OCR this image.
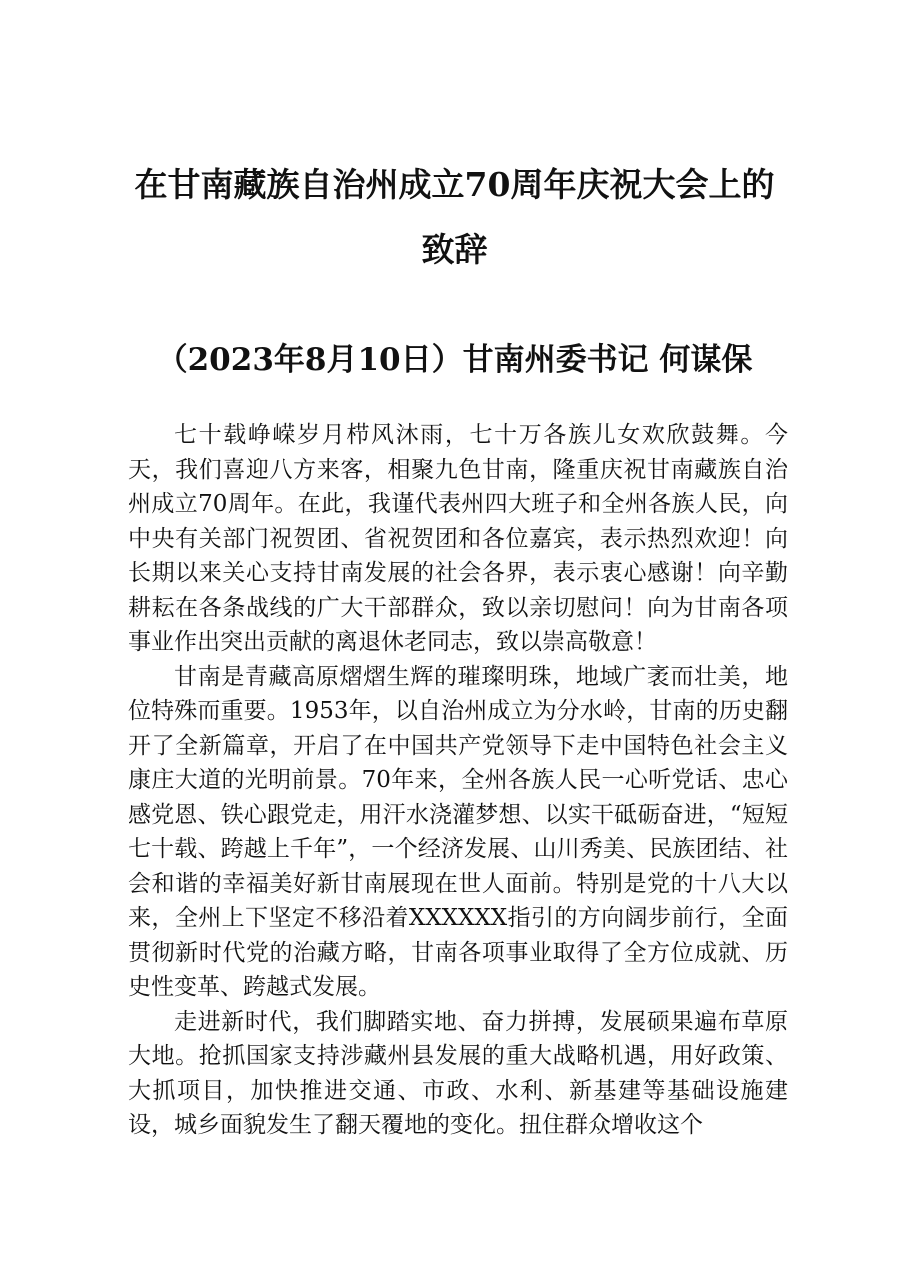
在甘南藏族自治州成立70周年庆祝大会上的
致辞
（2023年8月10日）甘南州委书记 何谋保

七十载峥嵘岁月栉风沐雨，七十万各族儿女欢欣鼓舞。今天，我们喜迎八方来客，相聚九色甘南，隆重庆祝甘南藏族自治州成立70周年。在此，我谨代表州四大班子和全州各族人民，向中央有关部门祝贺团、省祝贺团和各位嘉宾，表示热烈欢迎！向长期以来关心支持甘南发展的社会各界，表示衷心感谢！向辛勤耕耘在各条战线的广大干部群众，致以亲切慰问！向为甘南各项事业作出突出贡献的离退休老同志，致以崇高敬意！

甘南是青藏高原熠熠生辉的璀璨明珠，地域广袤而壮美，地位特殊而重要。1953年，以自治州成立为分水岭，甘南的历史翻开了全新篇章，开启了在中国共产党领导下走中国特色社会主义康庄大道的光明前景。70年来，全州各族人民一心听党话、忠心感党恩、铁心跟党走，用汗水浇灌梦想、以实干砥砺奋进，“短短七十载、跨越上千年”，一个经济发展、山川秀美、民族团结、社会和谐的幸福美好新甘南展现在世人面前。特别是党的十八大以来，全州上下坚定不移沿着XXXXXX指引的方向阔步前行，全面贯彻新时代党的治藏方略，甘南各项事业取得了全方位成就、历史性变革、跨越式发展。

走进新时代，我们脚踏实地、奋力拼搏，发展硕果遍布草原大地。抢抓国家支持涉藏州县发展的重大战略机遇，用好政策、大抓项目，加快推进交通、市政、水利、新基建等基础设施建设，城乡面貌发生了翻天覆地的变化。扭住群众增收这个
